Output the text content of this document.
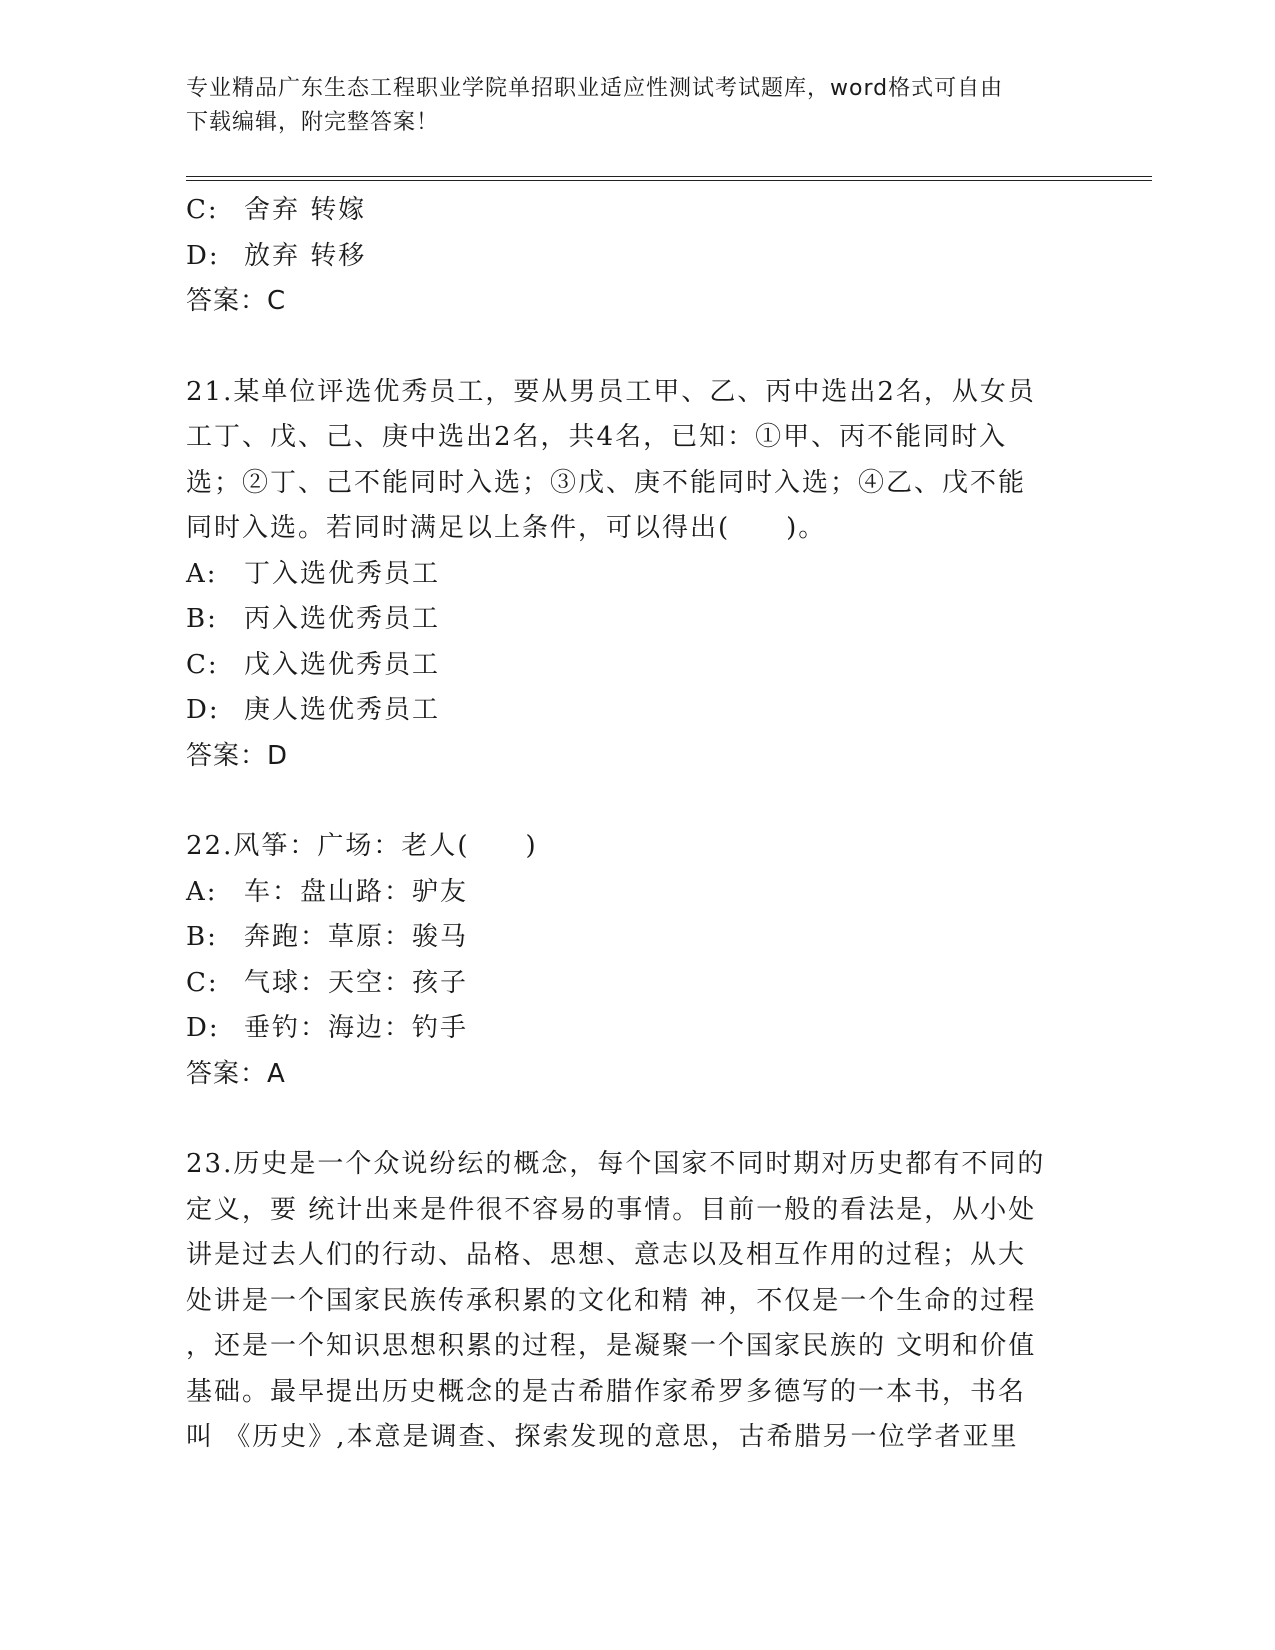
专业精品广东生态工程职业学院单招职业适应性测试考试题库，word格式可自由
下载编辑，附完整答案！
C: 舍弃 转嫁
D: 放弃 转移
答案：C
21.某单位评选优秀员工，要从男员工甲、乙、丙中选出2名，从女员
工丁、戊、己、庚中选出2名，共4名，已知：①甲、丙不能同时入
选；②丁、己不能同时入选；③戊、庚不能同时入选；④乙、戊不能
同时入选。若同时满足以上条件，可以得出(　　)。
A:	丁入选优秀员工
B:	丙入选优秀员工
C: 戊入选优秀员工
D: 庚人选优秀员工
答案：D
22.风筝：广场：老人(　　)
A:	车：盘山路：驴友
B:	奔跑：草原：骏马
C: 气球：天空：孩子
D: 垂钓：海边：钓手
答案：A
23.历史是一个众说纷纭的概念，每个国家不同时期对历史都有不同的
定义，要 统计出来是件很不容易的事情。目前一般的看法是，从小处
讲是过去人们的行动、品格、思想、意志以及相互作用的过程；从大
处讲是一个国家民族传承积累的文化和精 神，不仅是一个生命的过程
，还是一个知识思想积累的过程，是凝聚一个国家民族的 文明和价值
基础。最早提出历史概念的是古希腊作家希罗多德写的一本书，书名
叫 《历史》,本意是调查、探索发现的意思，古希腊另一位学者亚里
